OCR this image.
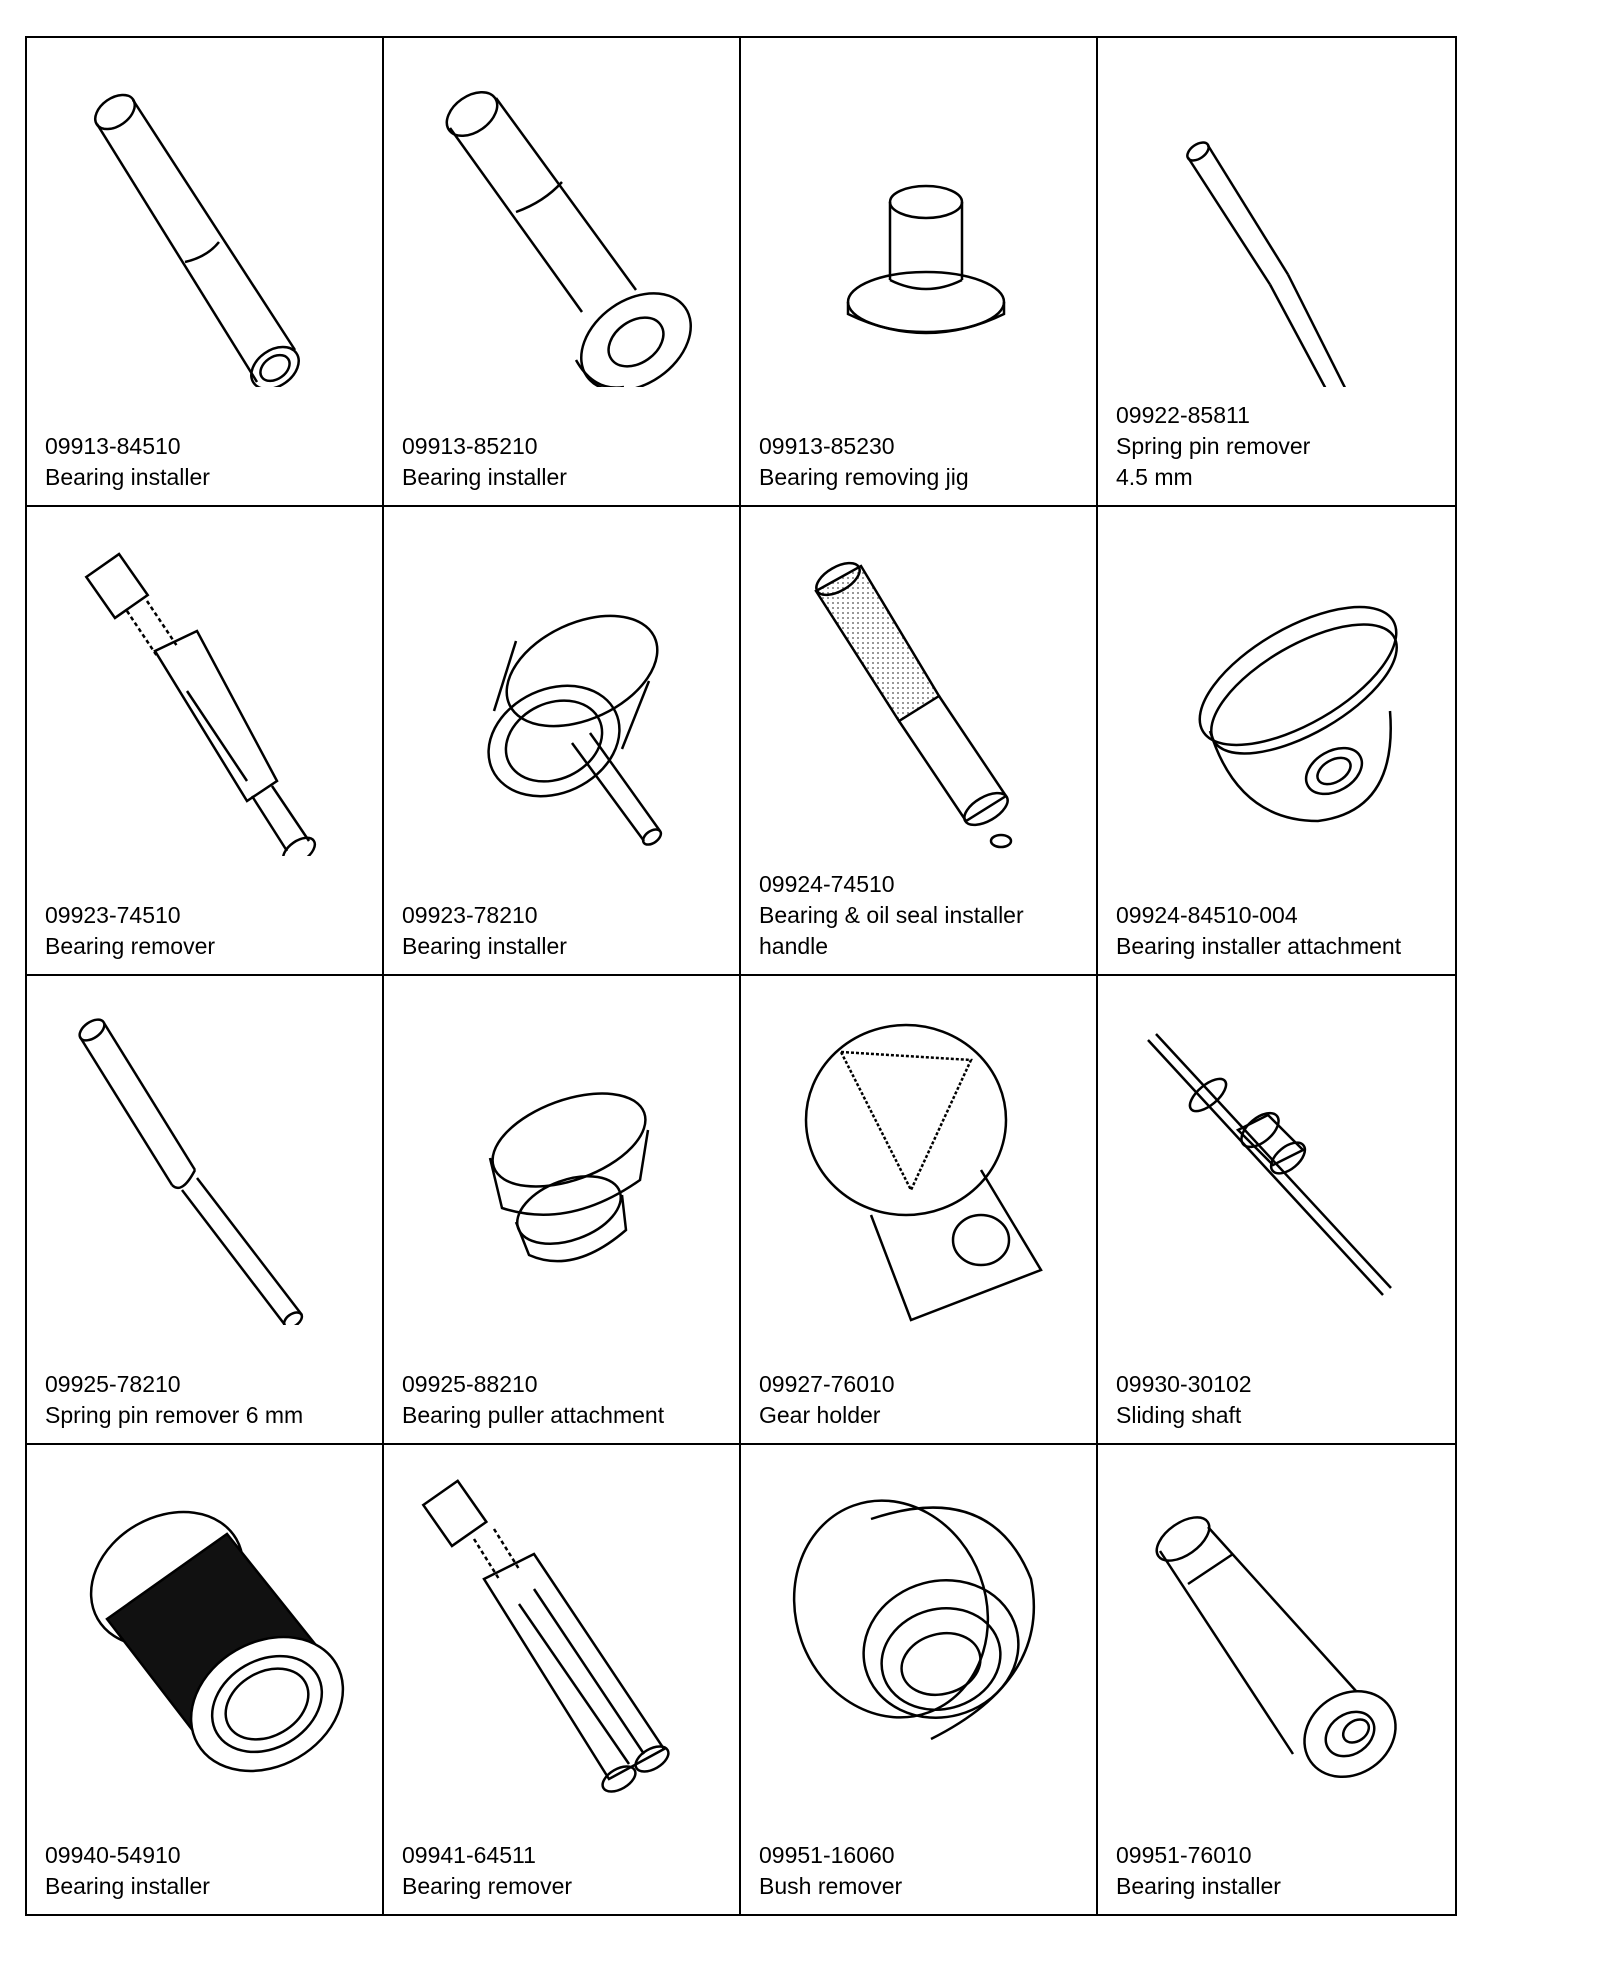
09913-84510
Bearing installer
09913-85210
Bearing installer
09913-85230
Bearing removing jig
09922-85811
Spring pin remover
4.5 mm
09923-74510
Bearing remover
09923-78210
Bearing installer
09924-74510
Bearing & oil seal installer
handle
09924-84510-004
Bearing installer attachment
09925-78210
Spring pin remover 6 mm
09925-88210
Bearing puller attachment
09927-76010
Gear holder
09930-30102
Sliding shaft
09940-54910
Bearing installer
09941-64511
Bearing remover
09951-16060
Bush remover
09951-76010
Bearing installer
